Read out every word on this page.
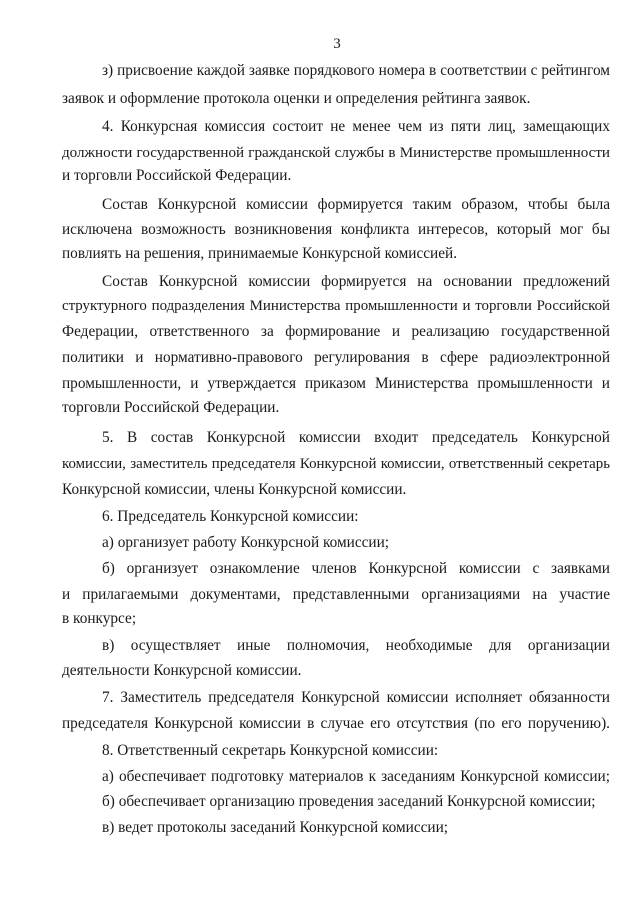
3
з) присвоение каждой заявке порядкового номера в соответствии с рейтингом
заявок и оформление протокола оценки и определения рейтинга заявок.
4. Конкурсная комиссия состоит не менее чем из пяти лиц, замещающих
должности государственной гражданской службы в Министерстве промышленности
и торговли Российской Федерации.
Состав Конкурсной комиссии формируется таким образом, чтобы была
исключена возможность возникновения конфликта интересов, который мог бы
повлиять на решения, принимаемые Конкурсной комиссией.
Состав Конкурсной комиссии формируется на основании предложений
структурного подразделения Министерства промышленности и торговли Российской
Федерации, ответственного за формирование и реализацию государственной
политики и нормативно-правового регулирования в сфере радиоэлектронной
промышленности, и утверждается приказом Министерства промышленности и
торговли Российской Федерации.
5. В состав Конкурсной комиссии входит председатель Конкурсной
комиссии, заместитель председателя Конкурсной комиссии, ответственный секретарь
Конкурсной комиссии, члены Конкурсной комиссии.
6. Председатель Конкурсной комиссии:
а) организует работу Конкурсной комиссии;
б) организует ознакомление членов Конкурсной комиссии с заявками
и прилагаемыми документами, представленными организациями на участие
в конкурсе;
в) осуществляет иные полномочия, необходимые для организации
деятельности Конкурсной комиссии.
7. Заместитель председателя Конкурсной комиссии исполняет обязанности
председателя Конкурсной комиссии в случае его отсутствия (по его поручению).
8. Ответственный секретарь Конкурсной комиссии:
а) обеспечивает подготовку материалов к заседаниям Конкурсной комиссии;
б) обеспечивает организацию проведения заседаний Конкурсной комиссии;
в) ведет протоколы заседаний Конкурсной комиссии;
